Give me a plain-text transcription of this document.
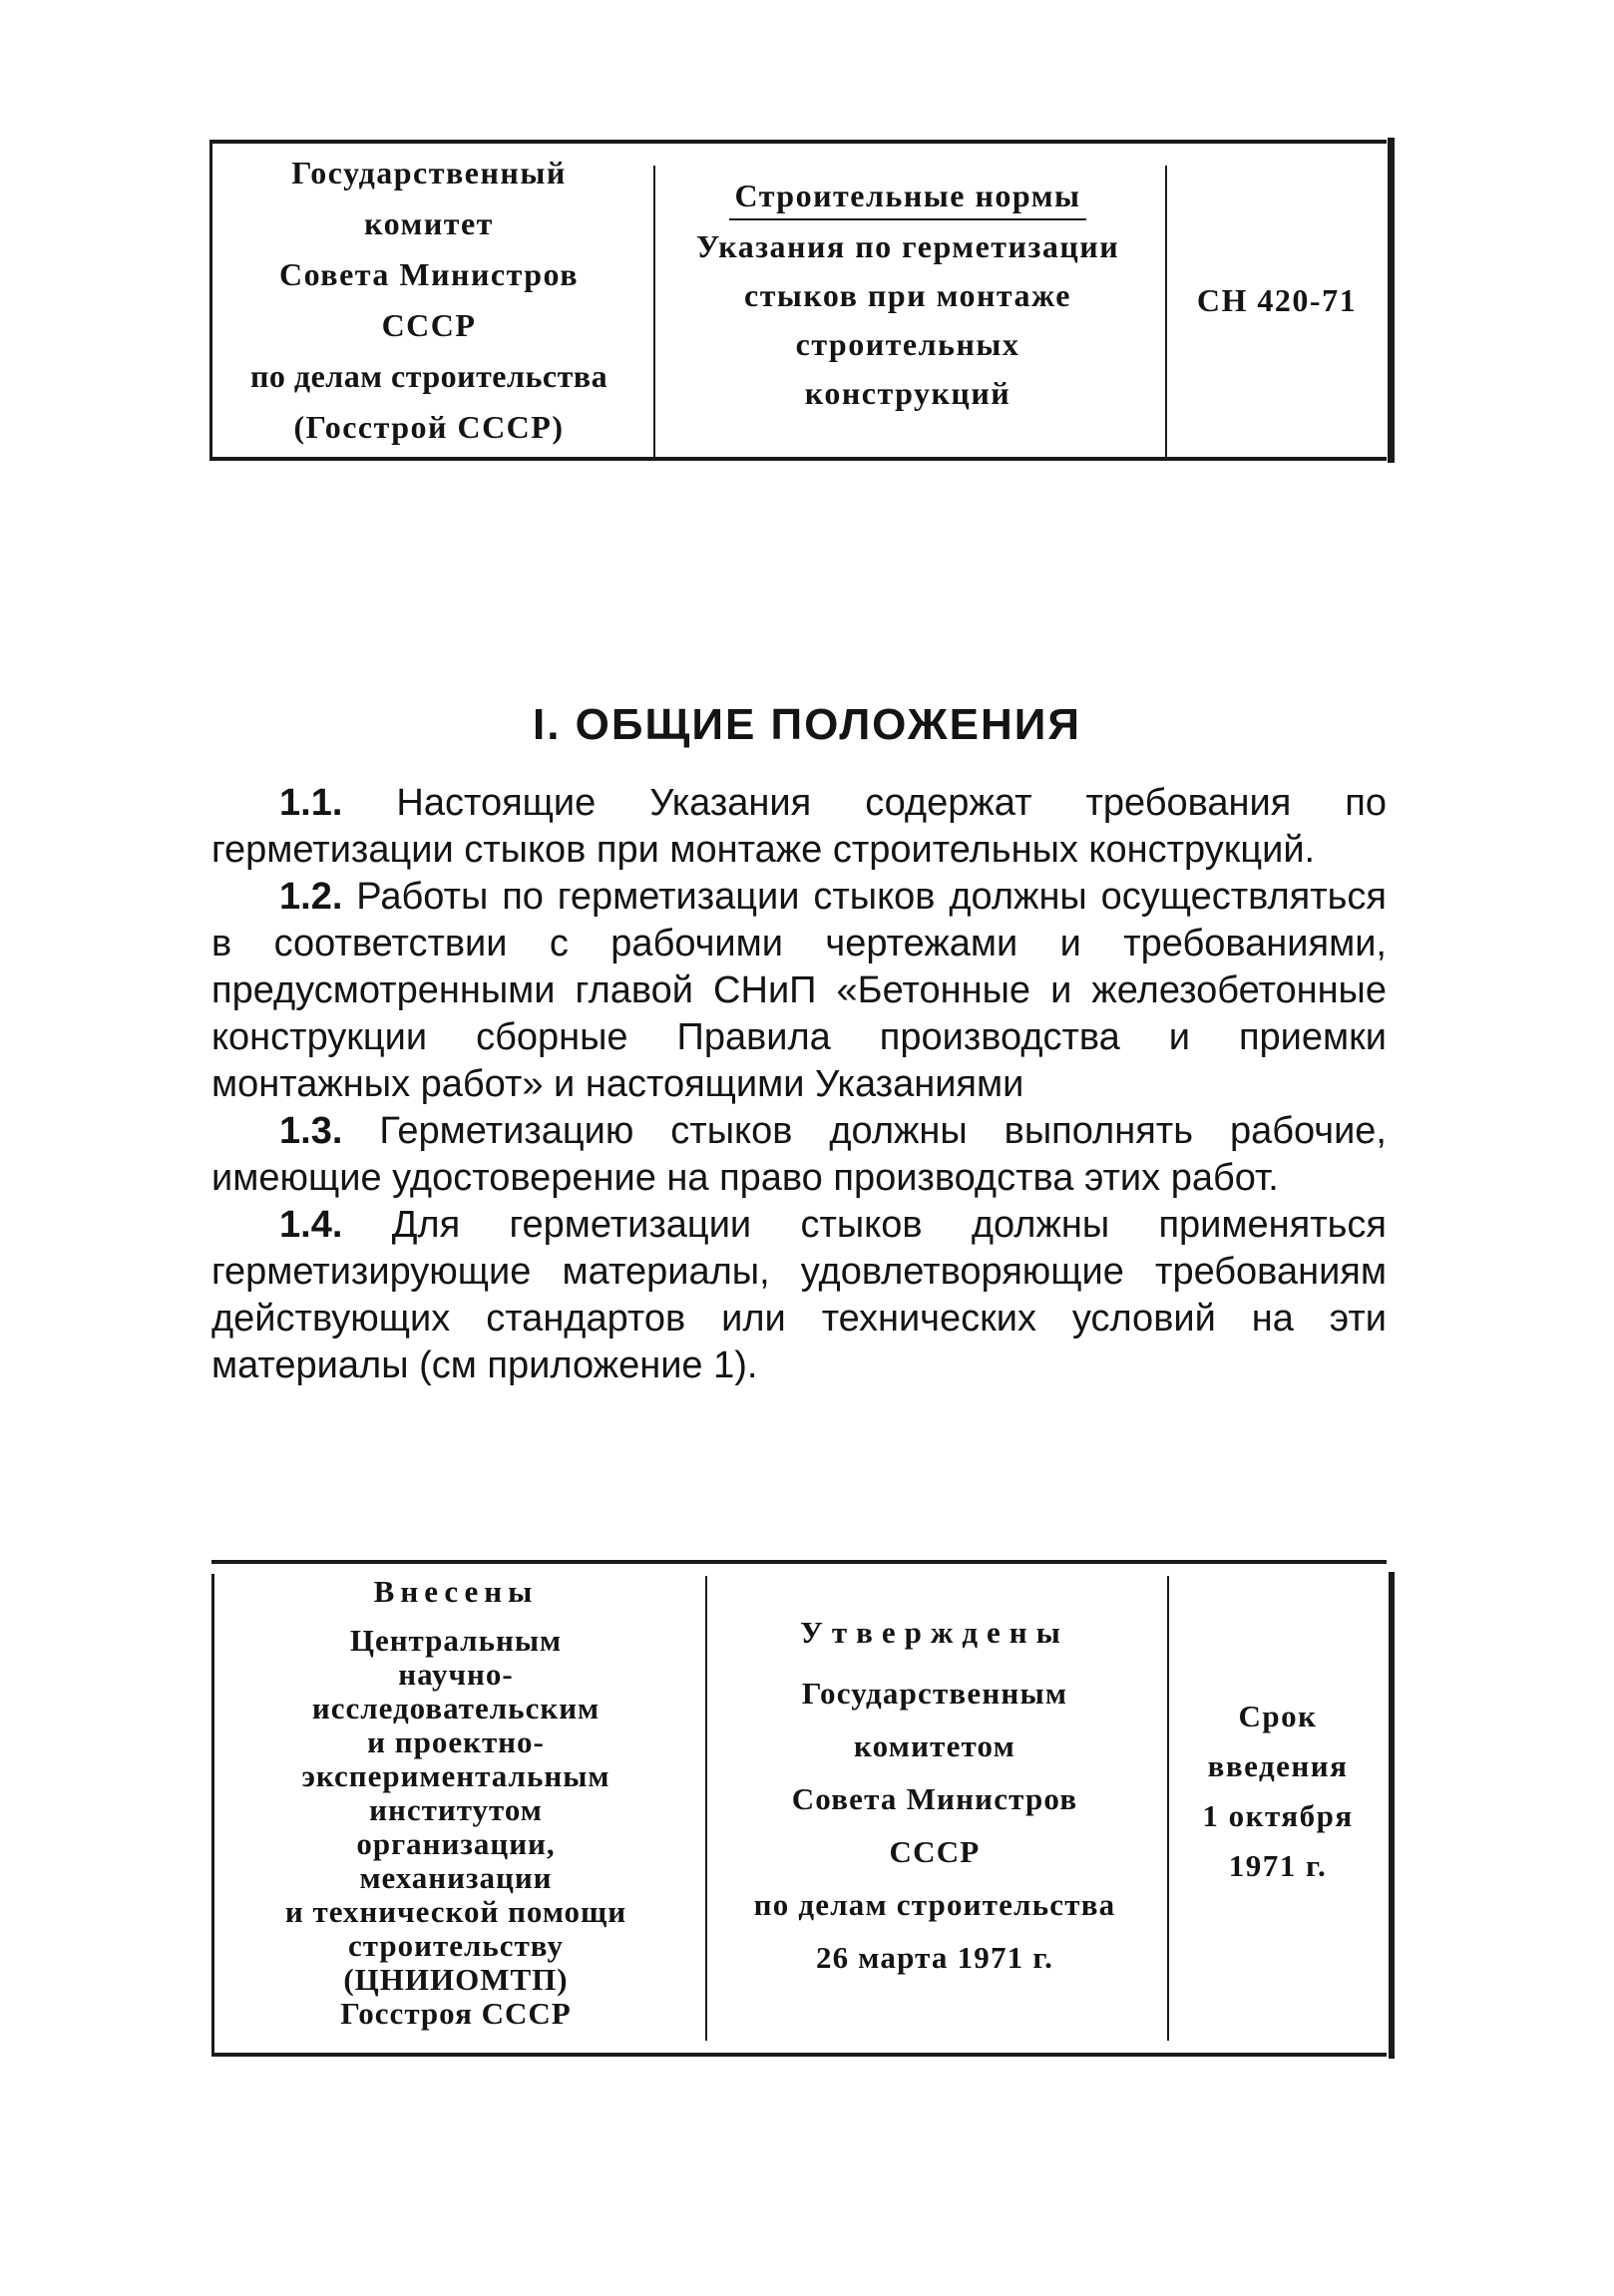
Государственный
комитет
Совета Министров
СССР
по делам строительства
(Госстрой СССР)
Строительные нормы
Указания по герметизации
стыков при монтаже
строительных
конструкций
СН 420-71
I. ОБЩИЕ ПОЛОЖЕНИЯ

1.1. Настоящие Указания содержат требования по герметизации стыков при монтаже строительных конструкций.

1.2. Работы по герметизации стыков должны осуществляться в соответствии с рабочими чертежами и требованиями, предусмотренными главой СНиП «Бетонные и железобетонные конструкции сборные Правила производства и приемки монтажных работ» и настоящими Указаниями

1.3. Герметизацию стыков должны выполнять рабочие, имеющие удостоверение на право производства этих работ.

1.4. Для герметизации стыков должны применяться герметизирующие материалы, удовлетворяющие требованиям действующих стандартов или технических условий на эти материалы (см приложение 1).

Внесены
Центральным
научно-
исследовательским
и проектно-
экспериментальным
институтом
организации,
механизации
и технической помощи
строительству
(ЦНИИОМТП)
Госстроя СССР
Утверждены
Государственным
комитетом
Совета Министров
СССР
по делам строительства
26 марта 1971 г.
Срок
введения
1 октября
1971 г.
